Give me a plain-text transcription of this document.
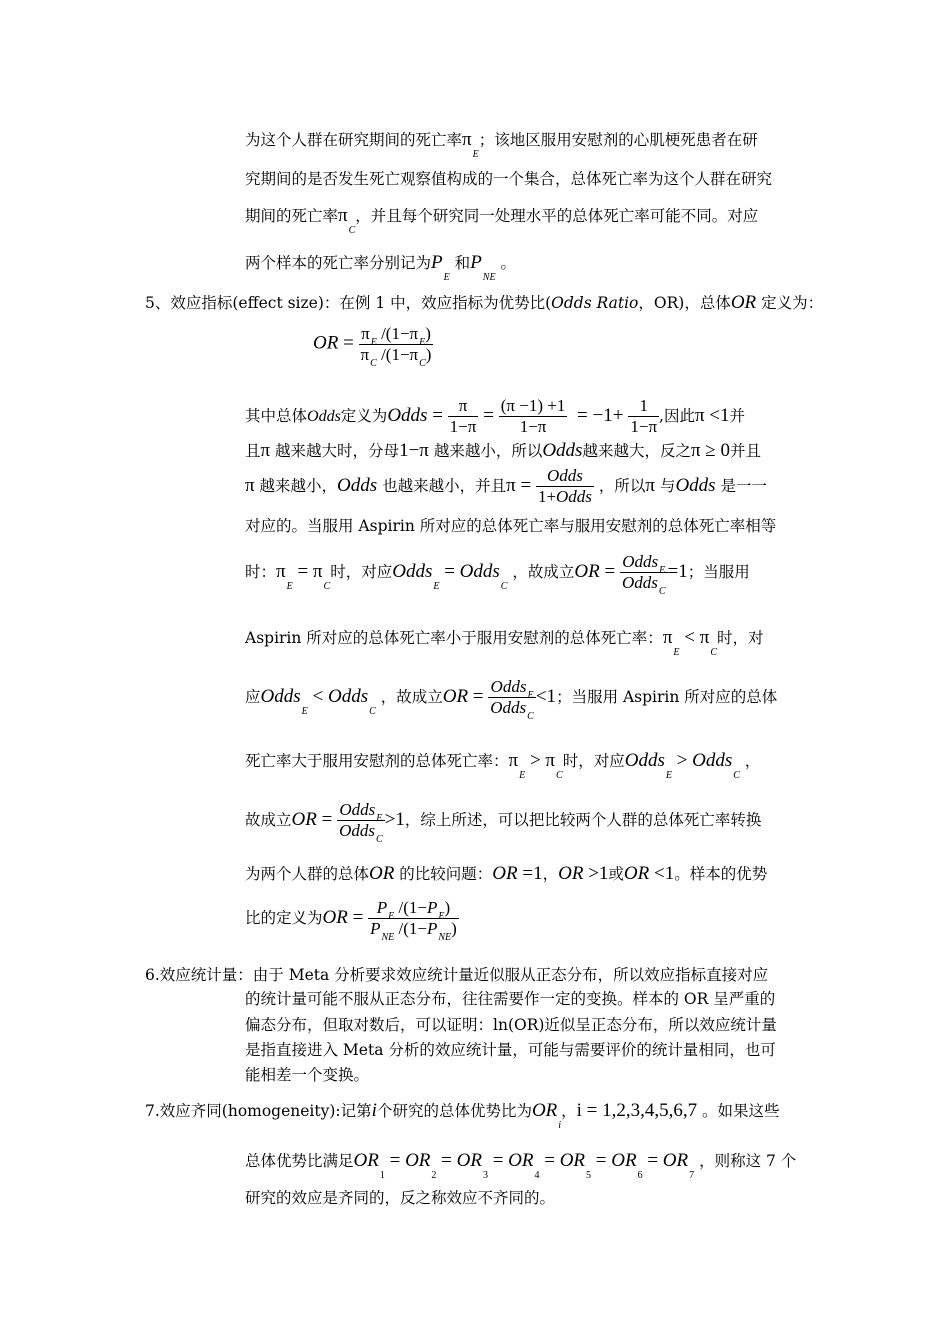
为这个人群在研究期间的死亡率$\pi_E$；该地区服用安慰剂的心肌梗死患者在研
究期间的是否发生死亡观察值构成的一个集合，总体死亡率为这个人群在研究
期间的死亡率$\pi_C$，并且每个研究同一处理水平的总体死亡率可能不同。对应
两个样本的死亡率分别记为$P_E$ 和$P_{NE}$ 。
5、效应指标(effect size)：在例 1 中，效应指标为优势比(Odds Ratio，OR)，总体OR 定义为：
OR = $\frac{\pi_E /(1-\pi_E)}{\pi_C /(1-\pi_C)}$
其中总体Odds定义为Odds = $\frac{\pi}{1-\pi} = \frac{(\pi -1) +1}{1-\pi} = -1+ \frac{1}{1-\pi}$ ,因此π <1并
且π 越来越大时，分母1−π 越来越小，所以Odds越来越大，反之π ≥ 0并且
π 越来越小，Odds 也越来越小，并且$\pi = \frac{\text{Odds}}{\text{1+Odds}}$ ，所以π 与Odds 是一一
对应的。当服用 Aspirin 所对应的总体死亡率与服用安慰剂的总体死亡率相等
时：$\pi_E = \pi_C$时，对应Odds$_E$ = Odds$_C$ ，故成立OR = $\frac{Odds_E}{Odds_C} =1$；当服用
Aspirin 所对应的总体死亡率小于服用安慰剂的总体死亡率：$\pi_E < \pi_C$时，对
应Odds$_E$ < Odds$_C$ ，故成立OR = $\frac{Odds_E}{Odds_C} <1$；当服用 Aspirin 所对应的总体
死亡率大于服用安慰剂的总体死亡率：$\pi_E > \pi_C$时，对应Odds$_E$ > Odds$_C$ ，
故成立OR = $\frac{Odds_E}{Odds_C} >1$，综上所述，可以把比较两个人群的总体死亡率转换
为两个人群的总体OR 的比较问题：OR =1，OR >1或OR <1。样本的优势
比的定义为OR = $\frac{P_E /(1-P_E)}{P_{NE} /(1-P_{NE})}$
6.效应统计量：由于 Meta 分析要求效应统计量近似服从正态分布，所以效应指标直接对应
的统计量可能不服从正态分布，往往需要作一定的变换。样本的 OR 呈严重的
偏态分布，但取对数后，可以证明：ln(OR)近似呈正态分布，所以效应统计量
是指直接进入 Meta 分析的效应统计量，可能与需要评价的统计量相同，也可
能相差一个变换。
7.效应齐同(homogeneity):记第i个研究的总体优势比为$OR_i$，i = 1,2,3,4,5,6,7 。如果这些
总体优势比满足$OR_1 = OR_2 = OR_3 = OR_4 = OR_5 = OR_6 = OR_7$ ，则称这 7 个
研究的效应是齐同的，反之称效应不齐同的。
